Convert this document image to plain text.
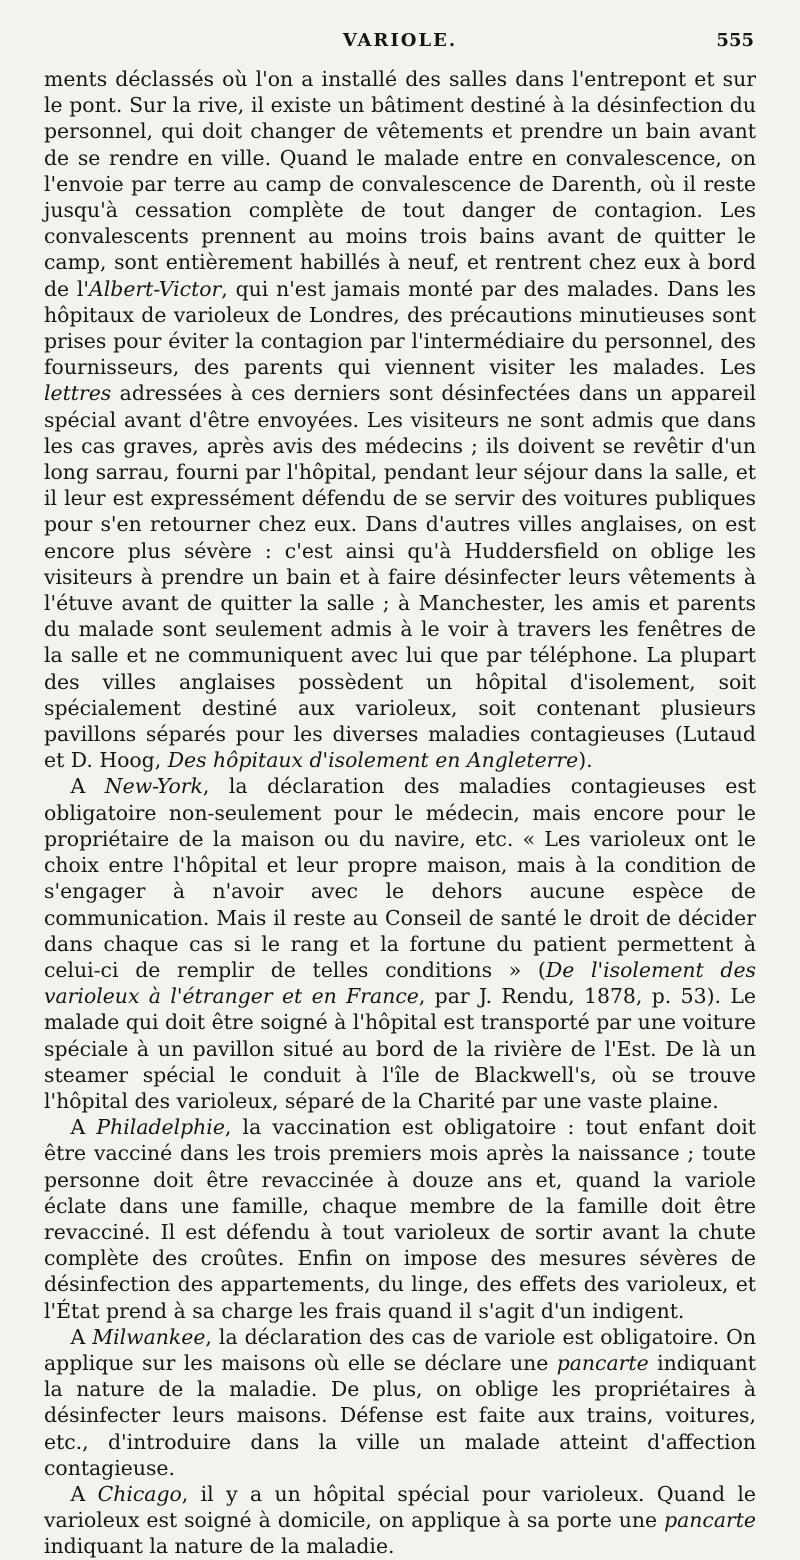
VARIOLE.	555

ments déclassés où l'on a installé des salles dans l'entrepont et sur le pont. Sur la rive, il existe un bâtiment destiné à la désinfection du personnel, qui doit changer de vêtements et prendre un bain avant de se rendre en ville. Quand le malade entre en convalescence, on l'envoie par terre au camp de convalescence de Darenth, où il reste jusqu'à cessation complète de tout danger de contagion. Les convalescents prennent au moins trois bains avant de quitter le camp, sont entièrement habillés à neuf, et rentrent chez eux à bord de l'Albert-Victor, qui n'est jamais monté par des malades. Dans les hôpitaux de varioleux de Londres, des précautions minutieuses sont prises pour éviter la contagion par l'intermédiaire du personnel, des fournisseurs, des parents qui viennent visiter les malades. Les lettres adressées à ces derniers sont désinfectées dans un appareil spécial avant d'être envoyées. Les visiteurs ne sont admis que dans les cas graves, après avis des médecins ; ils doivent se revêtir d'un long sarrau, fourni par l'hôpital, pendant leur séjour dans la salle, et il leur est expressément défendu de se servir des voitures publiques pour s'en retourner chez eux. Dans d'autres villes anglaises, on est encore plus sévère : c'est ainsi qu'à Huddersfield on oblige les visiteurs à prendre un bain et à faire désinfecter leurs vêtements à l'étuve avant de quitter la salle ; à Manchester, les amis et parents du malade sont seulement admis à le voir à travers les fenêtres de la salle et ne communiquent avec lui que par téléphone. La plupart des villes anglaises possèdent un hôpital d'isolement, soit spécialement destiné aux varioleux, soit contenant plusieurs pavillons séparés pour les diverses maladies contagieuses (Lutaud et D. Hoog, Des hôpitaux d'isolement en Angleterre).

A New-York, la déclaration des maladies contagieuses est obligatoire non-seulement pour le médecin, mais encore pour le propriétaire de la maison ou du navire, etc. « Les varioleux ont le choix entre l'hôpital et leur propre maison, mais à la condition de s'engager à n'avoir avec le dehors aucune espèce de communication. Mais il reste au Conseil de santé le droit de décider dans chaque cas si le rang et la fortune du patient permettent à celui-ci de remplir de telles conditions » (De l'isolement des varioleux à l'étranger et en France, par J. Rendu, 1878, p. 53). Le malade qui doit être soigné à l'hôpital est transporté par une voiture spéciale à un pavillon situé au bord de la rivière de l'Est. De là un steamer spécial le conduit à l'île de Blackwell's, où se trouve l'hôpital des varioleux, séparé de la Charité par une vaste plaine.

A Philadelphie, la vaccination est obligatoire : tout enfant doit être vacciné dans les trois premiers mois après la naissance ; toute personne doit être revaccinée à douze ans et, quand la variole éclate dans une famille, chaque membre de la famille doit être revacciné. Il est défendu à tout varioleux de sortir avant la chute complète des croûtes. Enfin on impose des mesures sévères de désinfection des appartements, du linge, des effets des varioleux, et l'État prend à sa charge les frais quand il s'agit d'un indigent.

A Milwankee, la déclaration des cas de variole est obligatoire. On applique sur les maisons où elle se déclare une pancarte indiquant la nature de la maladie. De plus, on oblige les propriétaires à désinfecter leurs maisons. Défense est faite aux trains, voitures, etc., d'introduire dans la ville un malade atteint d'affection contagieuse.

A Chicago, il y a un hôpital spécial pour varioleux. Quand le varioleux est soigné à domicile, on applique à sa porte une pancarte indiquant la nature de la maladie.
